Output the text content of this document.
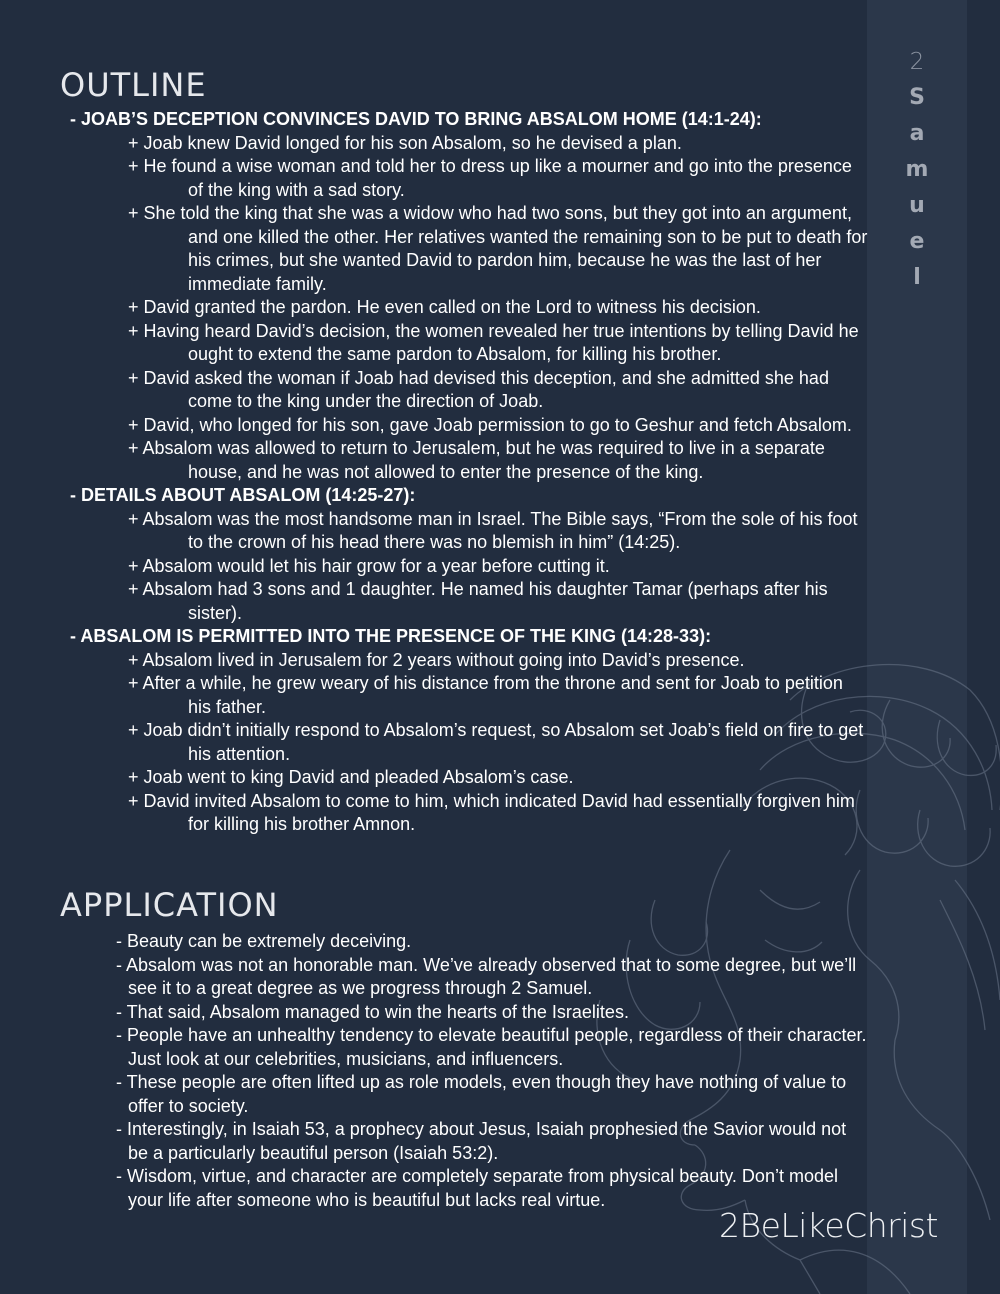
2
S
a
m
u
e
l
OUTLINE
- JOAB’S DECEPTION CONVINCES DAVID TO BRING ABSALOM HOME (14:1-24):
+ Joab knew David longed for his son Absalom, so he devised a plan.
+ He found a wise woman and told her to dress up like a mourner and go into the presence of the king with a sad story.
+ She told the king that she was a widow who had two sons, but they got into an argument, and one killed the other. Her relatives wanted the remaining son to be put to death for his crimes, but she wanted David to pardon him, because he was the last of her immediate family.
+ David granted the pardon. He even called on the Lord to witness his decision.
+ Having heard David’s decision, the women revealed her true intentions by telling David he ought to extend the same pardon to Absalom, for killing his brother.
+ David asked the woman if Joab had devised this deception, and she admitted she had come to the king under the direction of Joab.
+ David, who longed for his son, gave Joab permission to go to Geshur and fetch Absalom.
+ Absalom was allowed to return to Jerusalem, but he was required to live in a separate house, and he was not allowed to enter the presence of the king.
- DETAILS ABOUT ABSALOM (14:25-27):
+ Absalom was the most handsome man in Israel. The Bible says, “From the sole of his foot to the crown of his head there was no blemish in him” (14:25).
+ Absalom would let his hair grow for a year before cutting it.
+ Absalom had 3 sons and 1 daughter. He named his daughter Tamar (perhaps after his sister).
- ABSALOM IS PERMITTED INTO THE PRESENCE OF THE KING (14:28-33):
+ Absalom lived in Jerusalem for 2 years without going into David’s presence.
+ After a while, he grew weary of his distance from the throne and sent for Joab to petition his father.
+ Joab didn’t initially respond to Absalom’s request, so Absalom set Joab’s field on fire to get his attention.
+ Joab went to king David and pleaded Absalom’s case.
+ David invited Absalom to come to him, which indicated David had essentially forgiven him for killing his brother Amnon.
APPLICATION
- Beauty can be extremely deceiving.
- Absalom was not an honorable man. We’ve already observed that to some degree, but we’ll see it to a great degree as we progress through 2 Samuel.
- That said, Absalom managed to win the hearts of the Israelites.
- People have an unhealthy tendency to elevate beautiful people, regardless of their character. Just look at our celebrities, musicians, and influencers.
- These people are often lifted up as role models, even though they have nothing of value to offer to society.
- Interestingly, in Isaiah 53, a prophecy about Jesus, Isaiah prophesied the Savior would not be a particularly beautiful person (Isaiah 53:2).
- Wisdom, virtue, and character are completely separate from physical beauty. Don’t model your life after someone who is beautiful but lacks real virtue.
2BeLikeChrist
